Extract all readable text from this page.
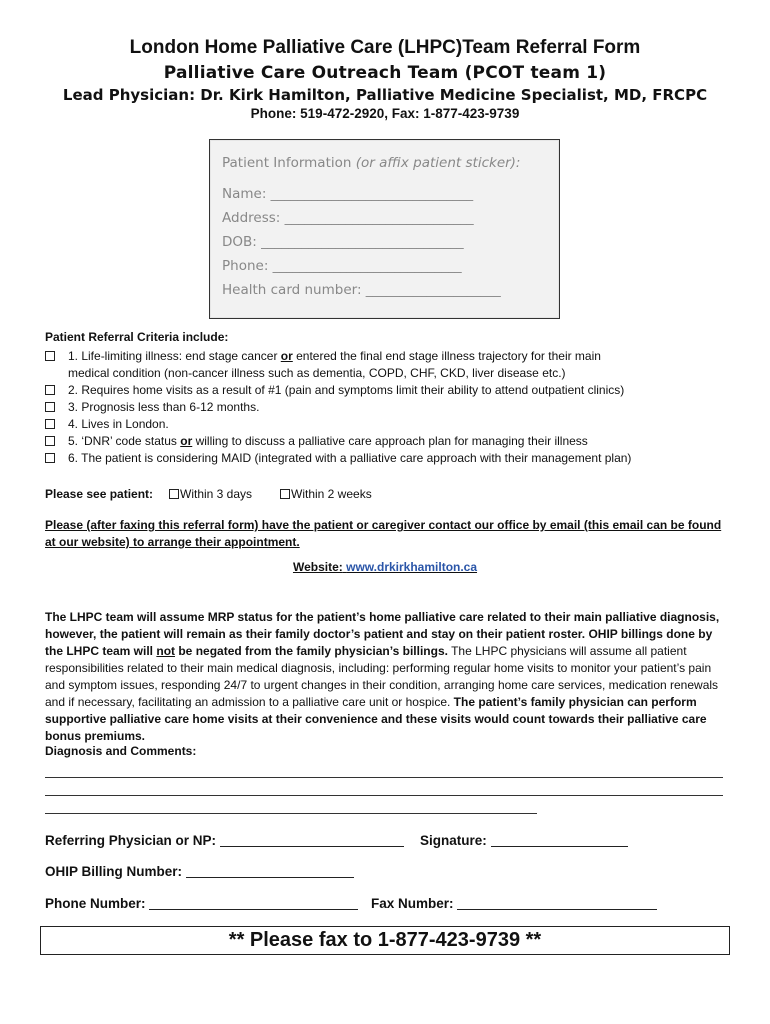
London Home Palliative Care (LHPC)Team Referral Form
Palliative Care Outreach Team (PCOT team 1)
Lead Physician: Dr. Kirk Hamilton, Palliative Medicine Specialist, MD, FRCPC
Phone: 519-472-2920, Fax: 1-877-423-9739
Patient Information (or affix patient sticker):
Name: ______________________________
Address: ____________________________
DOB: ______________________________
Phone: ____________________________
Health card number: ____________________
Patient Referral Criteria include:
1. Life-limiting illness: end stage cancer or entered the final end stage illness trajectory for their main
medical condition (non-cancer illness such as dementia, COPD, CHF, CKD, liver disease etc.)
2. Requires home visits as a result of #1 (pain and symptoms limit their ability to attend outpatient clinics)
3. Prognosis less than 6-12 months.
4. Lives in London.
5. ‘DNR’ code status or willing to discuss a palliative care approach plan for managing their illness
6. The patient is considering MAID (integrated with a palliative care approach with their management plan)
Please see patient: Within 3 days	Within 2 weeks
Please (after faxing this referral form) have the patient or caregiver contact our office by email (this email can be found at our website) to arrange their appointment.
Website: www.drkirkhamilton.ca
The LHPC team will assume MRP status for the patient’s home palliative care related to their main palliative diagnosis, however, the patient will remain as their family doctor’s patient and stay on their patient roster. OHIP billings done by the LHPC team will not be negated from the family physician’s billings. The LHPC physicians will assume all patient responsibilities related to their main medical diagnosis, including: performing regular home visits to monitor your patient’s pain and symptom issues, responding 24/7 to urgent changes in their condition, arranging home care services, medication renewals and if necessary, facilitating an admission to a palliative care unit or hospice. The patient’s family physician can perform supportive palliative care home visits at their convenience and these visits would count towards their palliative care bonus premiums.
Diagnosis and Comments:
Referring Physician or NP:	Signature:
OHIP Billing Number:
Phone Number:	Fax Number:
** Please fax to 1-877-423-9739 **
